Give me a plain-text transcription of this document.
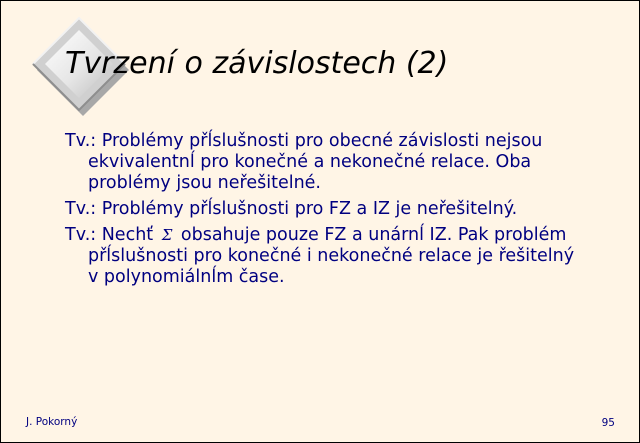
Tvrzení o závislostech (2)

Tv.: Problémy přĺslušnosti pro obecné závislosti nejsou ekvivalentnĺ pro konečné a nekonečné relace. Oba problémy jsou neřešitelné.

Tv.: Problémy přĺslušnosti pro FZ a IZ je neřešitelný.

Tv.: Nechť Σ obsahuje pouze FZ a unárnĺ IZ. Pak problém přĺslušnosti pro konečné i nekonečné relace je řešitelný v polynomiálnĺm čase.

J. Pokorný	95
